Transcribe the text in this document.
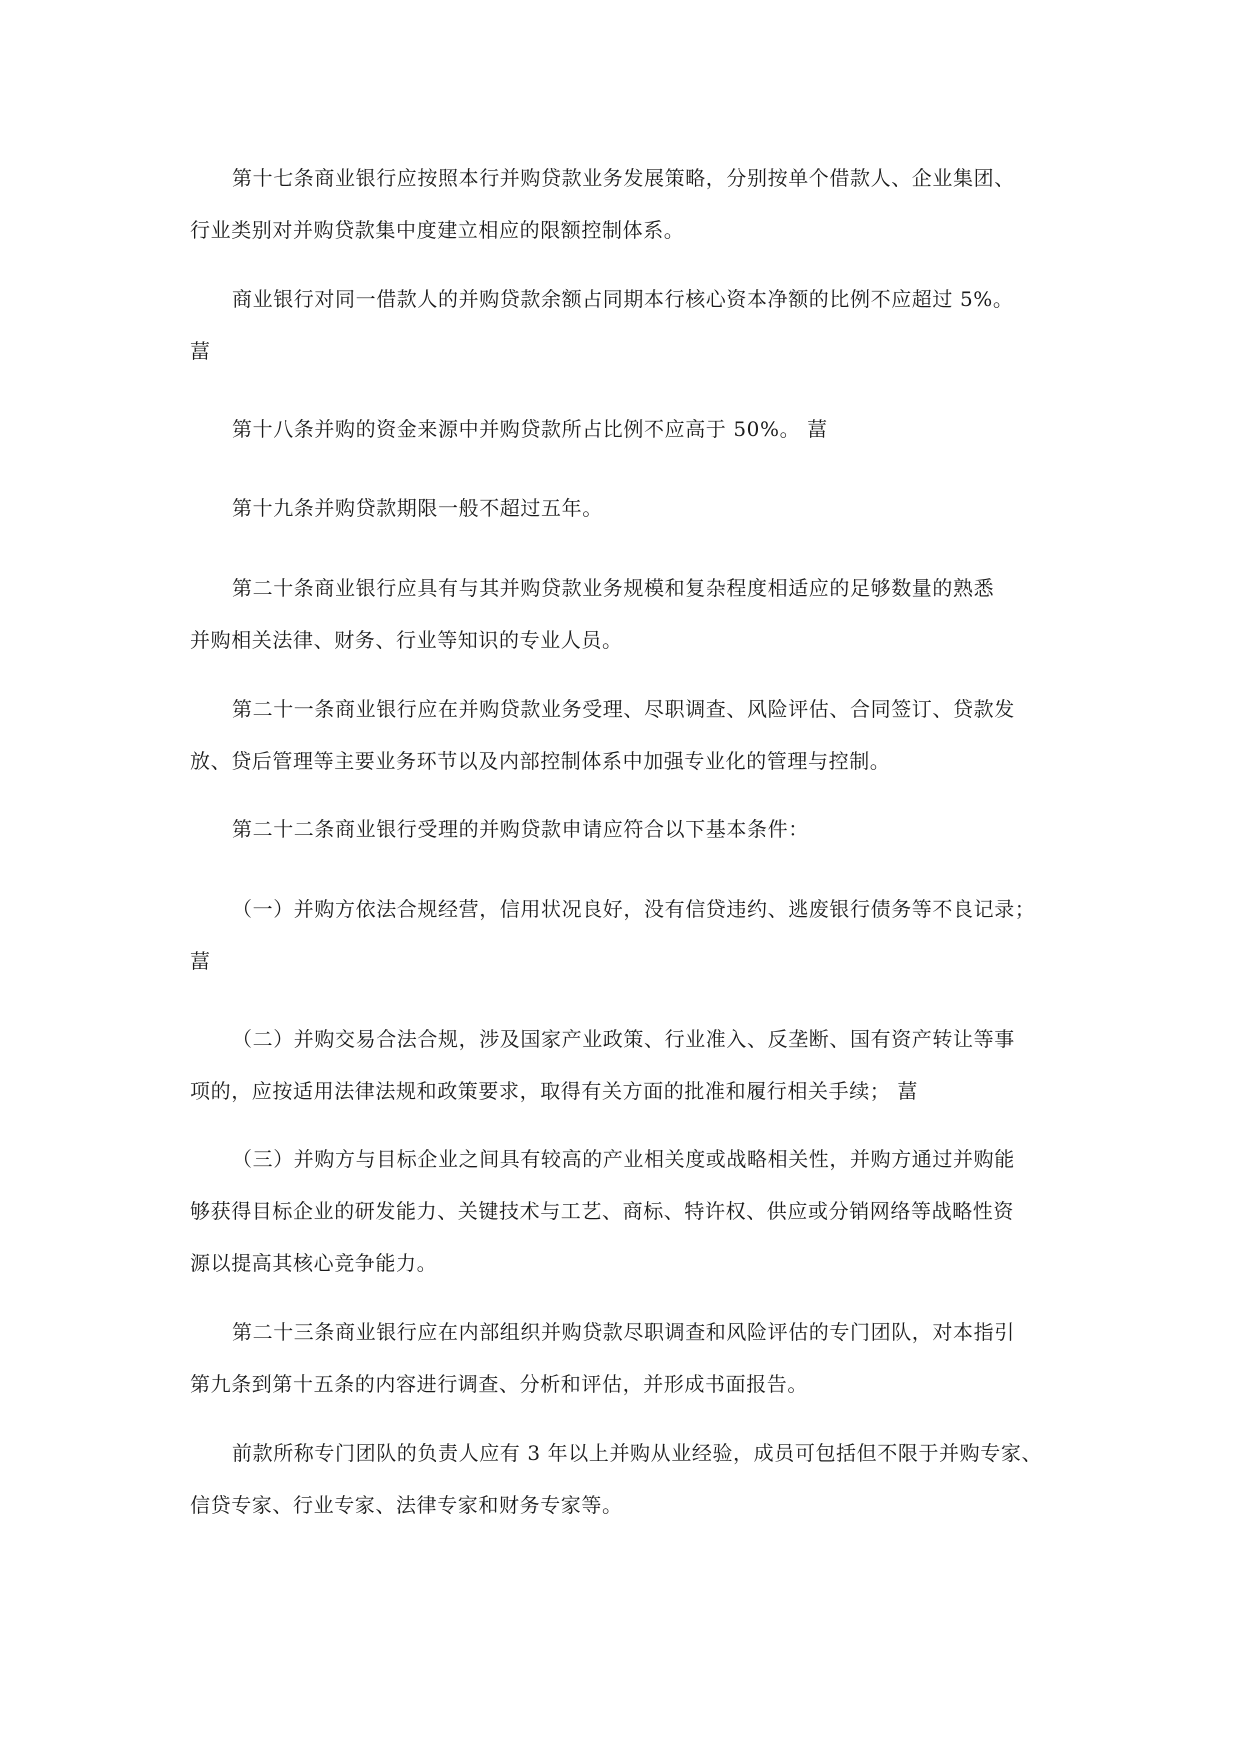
第十七条商业银行应按照本行并购贷款业务发展策略，分别按单个借款人、企业集团、
行业类别对并购贷款集中度建立相应的限额控制体系。

商业银行对同一借款人的并购贷款余额占同期本行核心资本净额的比例不应超过 5%。
葍

第十八条并购的资金来源中并购贷款所占比例不应高于 50%。 葍

第十九条并购贷款期限一般不超过五年。

第二十条商业银行应具有与其并购贷款业务规模和复杂程度相适应的足够数量的熟悉
并购相关法律、财务、行业等知识的专业人员。

第二十一条商业银行应在并购贷款业务受理、尽职调查、风险评估、合同签订、贷款发
放、贷后管理等主要业务环节以及内部控制体系中加强专业化的管理与控制。

第二十二条商业银行受理的并购贷款申请应符合以下基本条件：

（一）并购方依法合规经营，信用状况良好，没有信贷违约、逃废银行债务等不良记录；
葍

（二）并购交易合法合规，涉及国家产业政策、行业准入、反垄断、国有资产转让等事
项的，应按适用法律法规和政策要求，取得有关方面的批准和履行相关手续； 葍

（三）并购方与目标企业之间具有较高的产业相关度或战略相关性，并购方通过并购能
够获得目标企业的研发能力、关键技术与工艺、商标、特许权、供应或分销网络等战略性资
源以提高其核心竞争能力。

第二十三条商业银行应在内部组织并购贷款尽职调查和风险评估的专门团队，对本指引
第九条到第十五条的内容进行调查、分析和评估，并形成书面报告。

前款所称专门团队的负责人应有 3 年以上并购从业经验，成员可包括但不限于并购专家、
信贷专家、行业专家、法律专家和财务专家等。
